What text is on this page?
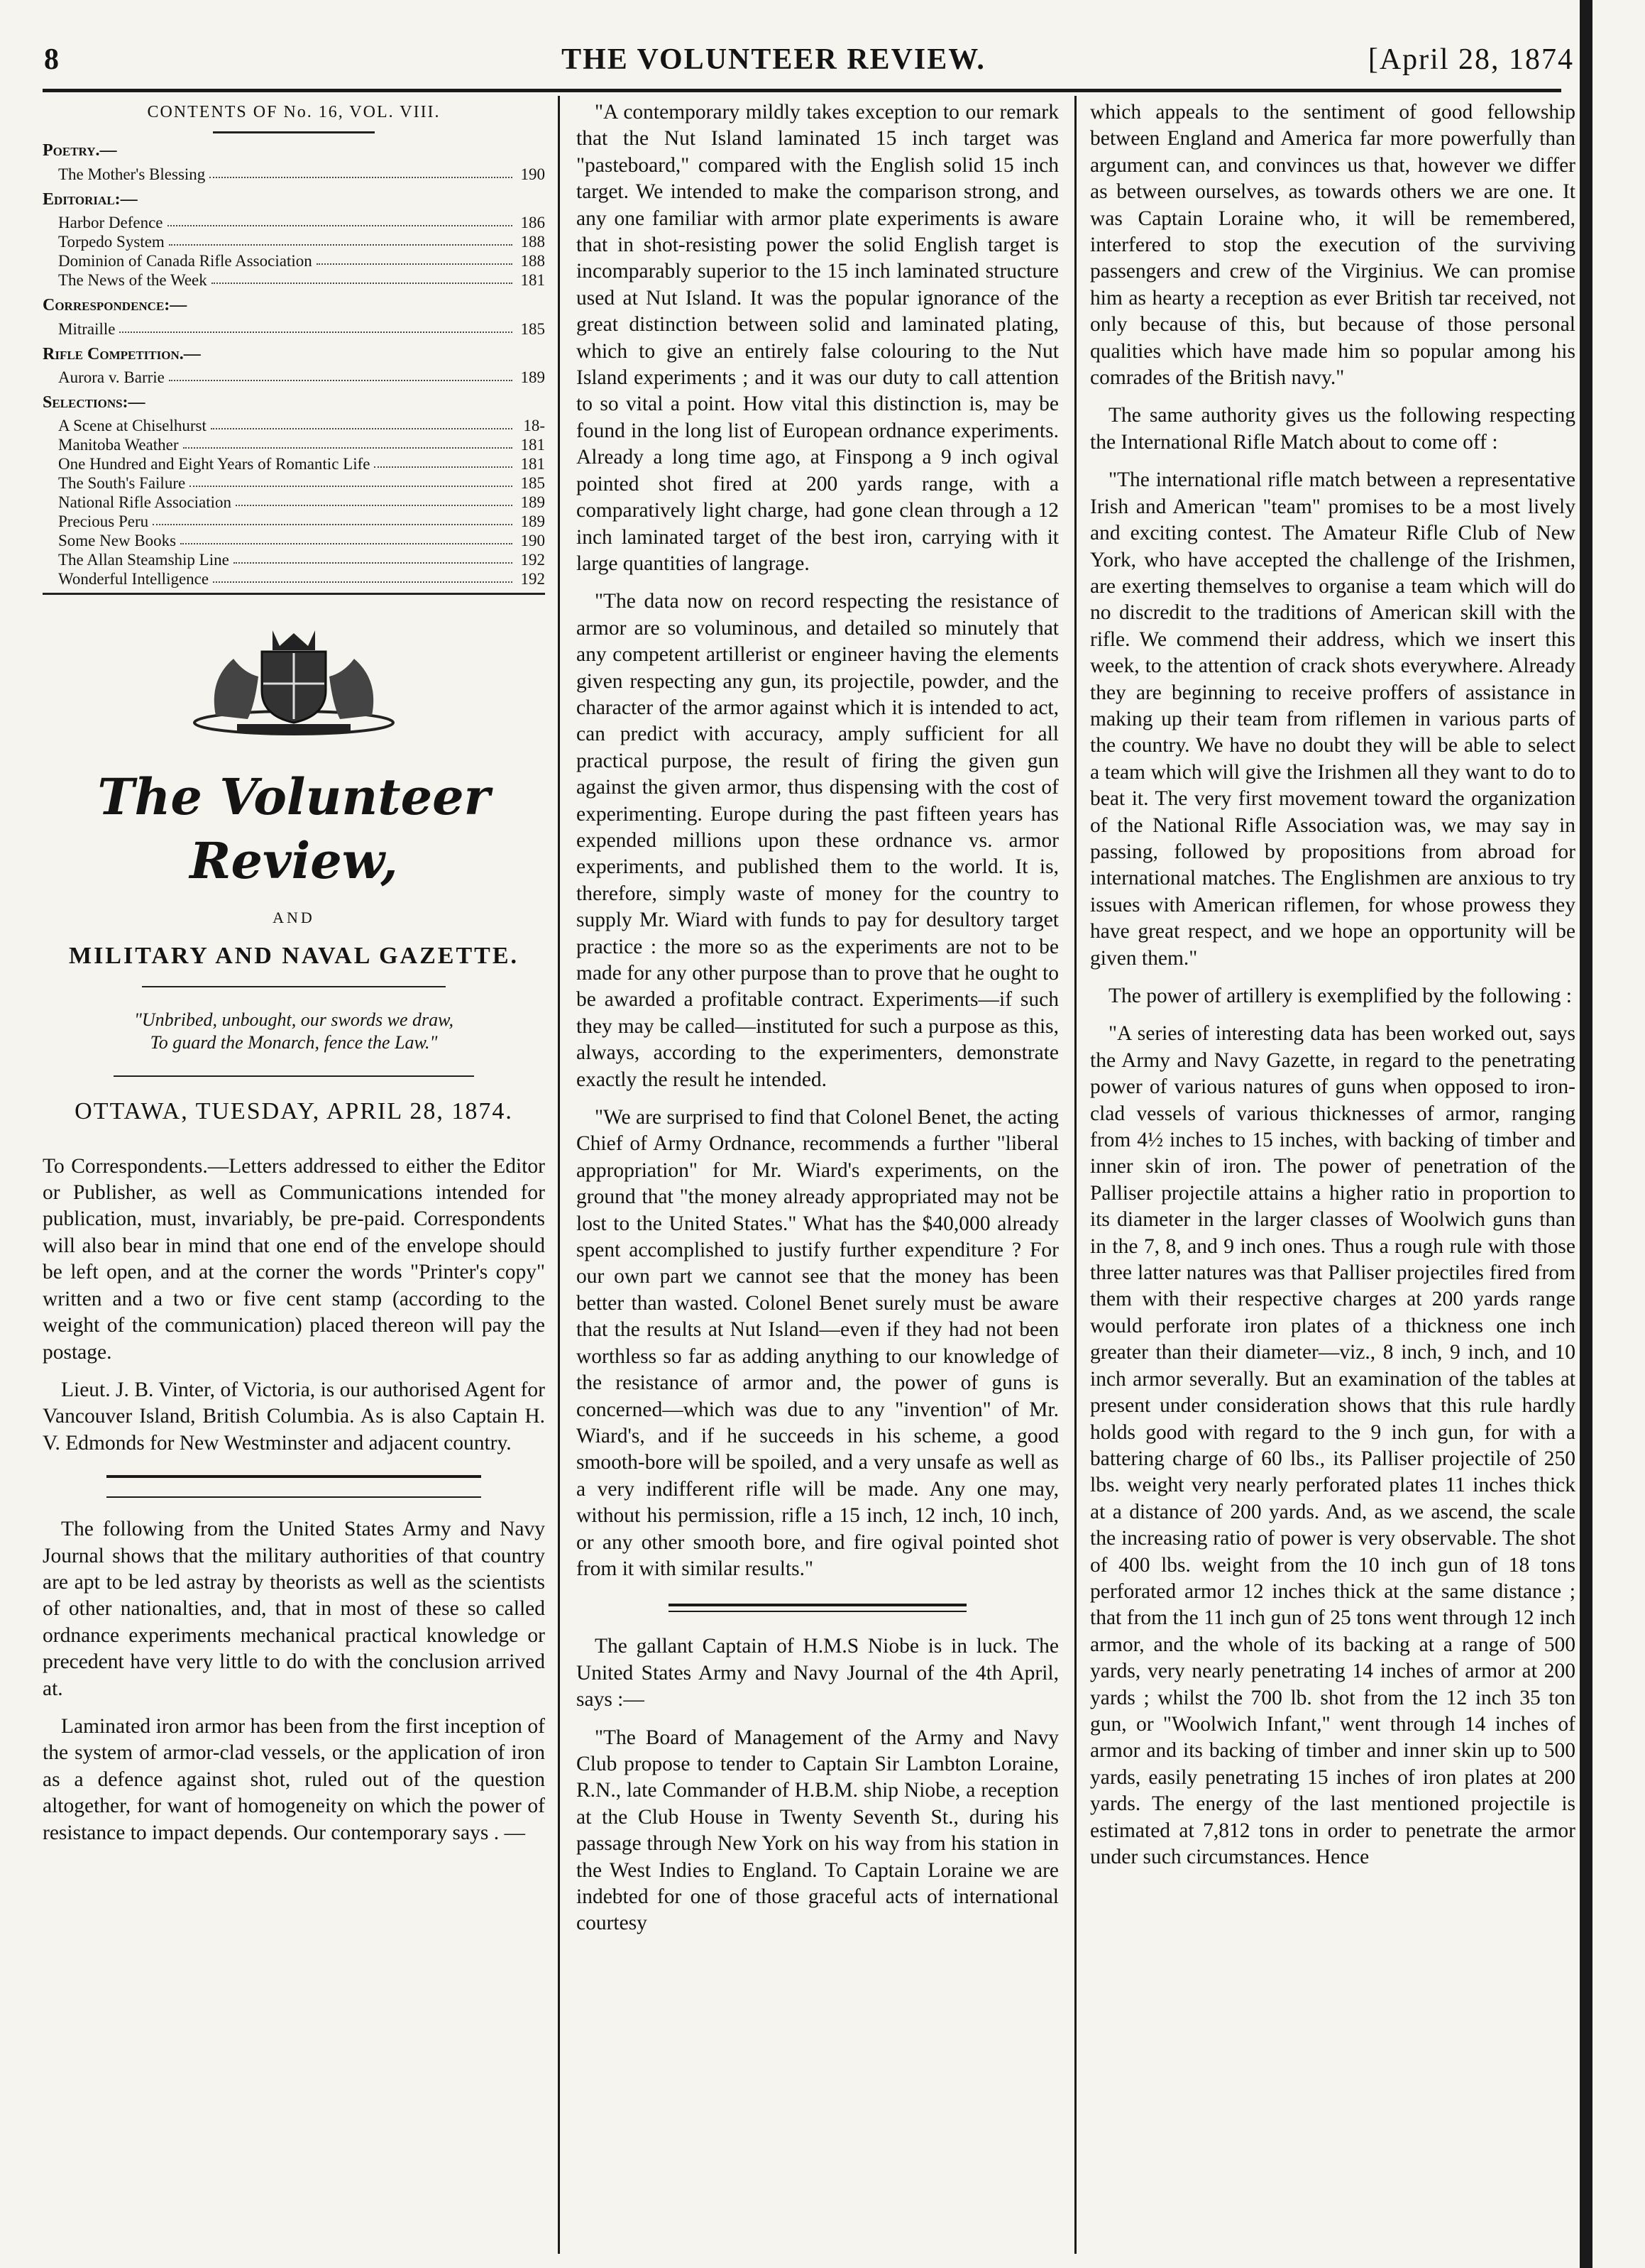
8	THE VOLUNTEER REVIEW.	[April 28, 1874
CONTENTS OF No. 16, VOL. VIII.
Poetry.—
The Mother's Blessing	190
Editorial:—
Harbor Defence	186
Torpedo System	188
Dominion of Canada Rifle Association	188
The News of the Week	181
Correspondence:—
Mitraille	185
Rifle Competition.—
Aurora v. Barrie	189
Selections:—
A Scene at Chiselhurst	18-
Manitoba Weather	181
One Hundred and Eight Years of Romantic Life	181
The South's Failure	185
National Rifle Association	189
Precious Peru	189
Some New Books	190
The Allan Steamship Line	192
Wonderful Intelligence	192
The Volunteer Review,
AND
MILITARY AND NAVAL GAZETTE.
"Unbribed, unbought, our swords we draw,
To guard the Monarch, fence the Law."
OTTAWA, TUESDAY, APRIL 28, 1874.

To Correspondents.—Letters addressed to either the Editor or Publisher, as well as Communications intended for publication, must, invariably, be pre-paid. Correspondents will also bear in mind that one end of the envelope should be left open, and at the corner the words "Printer's copy" written and a two or five cent stamp (according to the weight of the communication) placed thereon will pay the postage.

Lieut. J. B. Vinter, of Victoria, is our authorised Agent for Vancouver Island, British Columbia. As is also Captain H. V. Edmonds for New Westminster and adjacent country.

The following from the United States Army and Navy Journal shows that the military authorities of that country are apt to be led astray by theorists as well as the scientists of other nationalties, and, that in most of these so called ordnance experiments mechanical practical knowledge or precedent have very little to do with the conclusion arrived at.

Laminated iron armor has been from the first inception of the system of armor-clad vessels, or the application of iron as a defence against shot, ruled out of the question altogether, for want of homogeneity on which the power of resistance to impact depends. Our contemporary says . —

"A contemporary mildly takes exception to our remark that the Nut Island laminated 15 inch target was "pasteboard," compared with the English solid 15 inch target. We intended to make the comparison strong, and any one familiar with armor plate experiments is aware that in shot-resisting power the solid English target is incomparably superior to the 15 inch laminated structure used at Nut Island. It was the popular ignorance of the great distinction between solid and laminated plating, which to give an entirely false colouring to the Nut Island experiments ; and it was our duty to call attention to so vital a point. How vital this distinction is, may be found in the long list of European ordnance experiments. Already a long time ago, at Finspong a 9 inch ogival pointed shot fired at 200 yards range, with a comparatively light charge, had gone clean through a 12 inch laminated target of the best iron, carrying with it large quantities of langrage.

"The data now on record respecting the resistance of armor are so voluminous, and detailed so minutely that any competent artillerist or engineer having the elements given respecting any gun, its projectile, powder, and the character of the armor against which it is intended to act, can predict with accuracy, amply sufficient for all practical purpose, the result of firing the given gun against the given armor, thus dispensing with the cost of experimenting. Europe during the past fifteen years has expended millions upon these ordnance vs. armor experiments, and published them to the world. It is, therefore, simply waste of money for the country to supply Mr. Wiard with funds to pay for desultory target practice : the more so as the experiments are not to be made for any other purpose than to prove that he ought to be awarded a profitable contract. Experiments—if such they may be called—instituted for such a purpose as this, always, according to the experimenters, demonstrate exactly the result he intended.

"We are surprised to find that Colonel Benet, the acting Chief of Army Ordnance, recommends a further "liberal appropriation" for Mr. Wiard's experiments, on the ground that "the money already appropriated may not be lost to the United States." What has the $40,000 already spent accomplished to justify further expenditure ? For our own part we cannot see that the money has been better than wasted. Colonel Benet surely must be aware that the results at Nut Island—even if they had not been worthless so far as adding anything to our knowledge of the resistance of armor and, the power of guns is concerned—which was due to any "invention" of Mr. Wiard's, and if he succeeds in his scheme, a good smooth-bore will be spoiled, and a very unsafe as well as a very indifferent rifle will be made. Any one may, without his permission, rifle a 15 inch, 12 inch, 10 inch, or any other smooth bore, and fire ogival pointed shot from it with similar results."

The gallant Captain of H.M.S Niobe is in luck. The United States Army and Navy Journal of the 4th April, says :—

"The Board of Management of the Army and Navy Club propose to tender to Captain Sir Lambton Loraine, R.N., late Commander of H.B.M. ship Niobe, a reception at the Club House in Twenty Seventh St., during his passage through New York on his way from his station in the West Indies to England. To Captain Loraine we are indebted for one of those graceful acts of international courtesy

which appeals to the sentiment of good fellowship between England and America far more powerfully than argument can, and convinces us that, however we differ as between ourselves, as towards others we are one. It was Captain Loraine who, it will be remembered, interfered to stop the execution of the surviving passengers and crew of the Virginius. We can promise him as hearty a reception as ever British tar received, not only because of this, but because of those personal qualities which have made him so popular among his comrades of the British navy."

The same authority gives us the following respecting the International Rifle Match about to come off :

"The international rifle match between a representative Irish and American "team" promises to be a most lively and exciting contest. The Amateur Rifle Club of New York, who have accepted the challenge of the Irishmen, are exerting themselves to organise a team which will do no discredit to the traditions of American skill with the rifle. We commend their address, which we insert this week, to the attention of crack shots everywhere. Already they are beginning to receive proffers of assistance in making up their team from riflemen in various parts of the country. We have no doubt they will be able to select a team which will give the Irishmen all they want to do to beat it. The very first movement toward the organization of the National Rifle Association was, we may say in passing, followed by propositions from abroad for international matches. The Englishmen are anxious to try issues with American riflemen, for whose prowess they have great respect, and we hope an opportunity will be given them."

The power of artillery is exemplified by the following :

"A series of interesting data has been worked out, says the Army and Navy Gazette, in regard to the penetrating power of various natures of guns when opposed to iron-clad vessels of various thicknesses of armor, ranging from 4½ inches to 15 inches, with backing of timber and inner skin of iron. The power of penetration of the Palliser projectile attains a higher ratio in proportion to its diameter in the larger classes of Woolwich guns than in the 7, 8, and 9 inch ones. Thus a rough rule with those three latter natures was that Palliser projectiles fired from them with their respective charges at 200 yards range would perforate iron plates of a thickness one inch greater than their diameter—viz., 8 inch, 9 inch, and 10 inch armor severally. But an examination of the tables at present under consideration shows that this rule hardly holds good with regard to the 9 inch gun, for with a battering charge of 60 lbs., its Palliser projectile of 250 lbs. weight very nearly perforated plates 11 inches thick at a distance of 200 yards. And, as we ascend, the scale the increasing ratio of power is very observable. The shot of 400 lbs. weight from the 10 inch gun of 18 tons perforated armor 12 inches thick at the same distance ; that from the 11 inch gun of 25 tons went through 12 inch armor, and the whole of its backing at a range of 500 yards, very nearly penetrating 14 inches of armor at 200 yards ; whilst the 700 lb. shot from the 12 inch 35 ton gun, or "Woolwich Infant," went through 14 inches of armor and its backing of timber and inner skin up to 500 yards, easily penetrating 15 inches of iron plates at 200 yards. The energy of the last mentioned projectile is estimated at 7,812 tons in order to penetrate the armor under such circumstances. Hence
